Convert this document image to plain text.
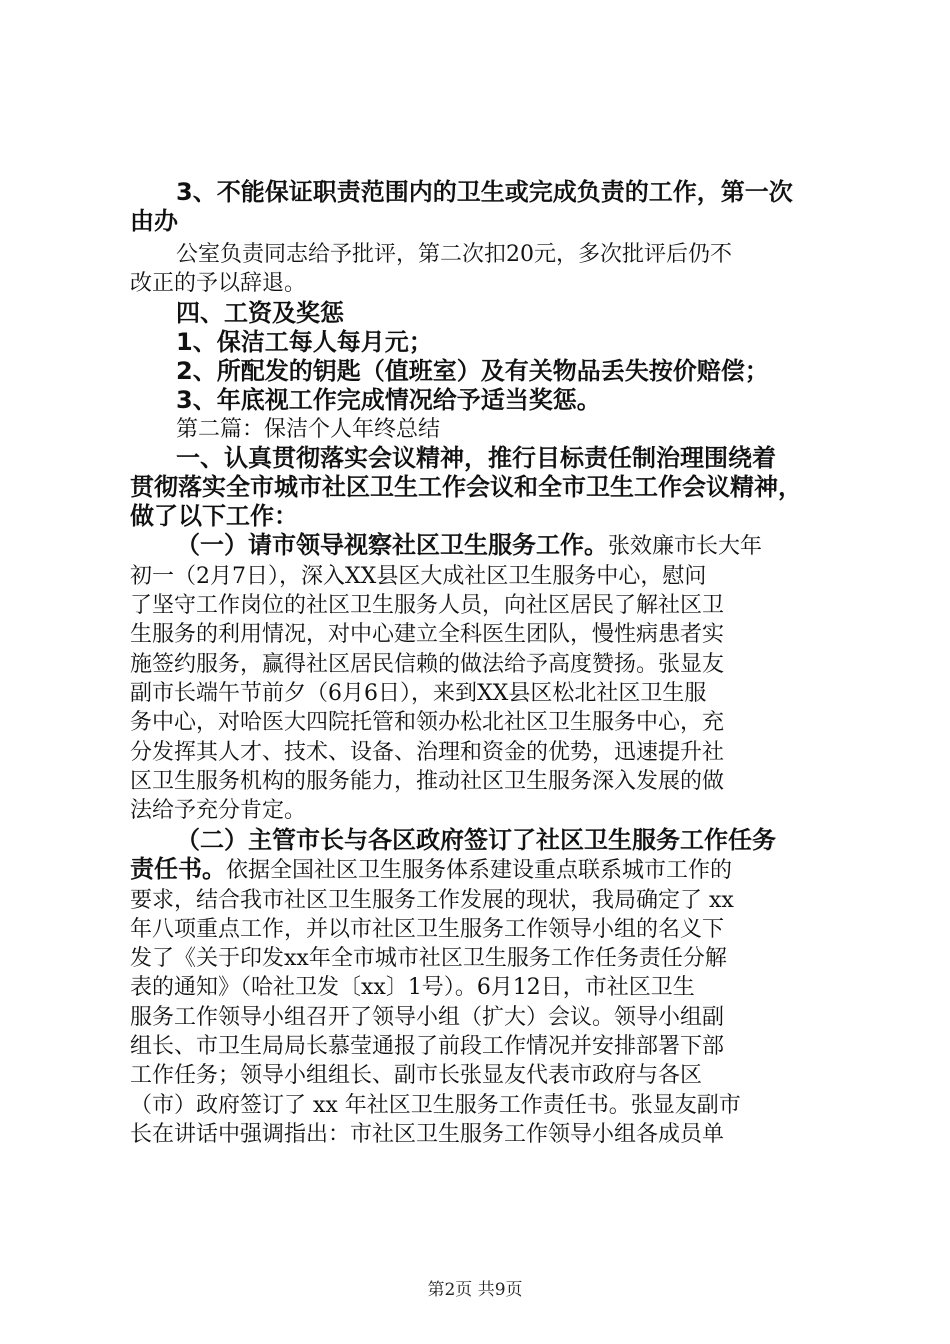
3、不能保证职责范围内的卫生或完成负责的工作，第一次

由办

公室负责同志给予批评，第二次扣20元，多次批评后仍不

改正的予以辞退。

四、工资及奖惩

1、保洁工每人每月元；

2、所配发的钥匙（值班室）及有关物品丢失按价赔偿；

3、年底视工作完成情况给予适当奖惩。

第二篇：保洁个人年终总结

一、认真贯彻落实会议精神，推行目标责任制治理围绕着

贯彻落实全市城市社区卫生工作会议和全市卫生工作会议精神，

做了以下工作：

（一）请市领导视察社区卫生服务工作。张效廉市长大年

初一（2月7日），深入XX县区大成社区卫生服务中心，慰问

了坚守工作岗位的社区卫生服务人员，向社区居民了解社区卫

生服务的利用情况，对中心建立全科医生团队，慢性病患者实

施签约服务，赢得社区居民信赖的做法给予高度赞扬。张显友

副市长端午节前夕（6月6日），来到XX县区松北社区卫生服

务中心，对哈医大四院托管和领办松北社区卫生服务中心，充

分发挥其人才、技术、设备、治理和资金的优势，迅速提升社

区卫生服务机构的服务能力，推动社区卫生服务深入发展的做

法给予充分肯定。

（二）主管市长与各区政府签订了社区卫生服务工作任务

责任书。依据全国社区卫生服务体系建设重点联系城市工作的

要求，结合我市社区卫生服务工作发展的现状，我局确定了 xx

年八项重点工作，并以市社区卫生服务工作领导小组的名义下

发了《关于印发xx年全市城市社区卫生服务工作任务责任分解

表的通知》（哈社卫发〔xx〕1号）。6月12日，市社区卫生

服务工作领导小组召开了领导小组（扩大）会议。领导小组副

组长、市卫生局局长慕莹通报了前段工作情况并安排部署下部

工作任务；领导小组组长、副市长张显友代表市政府与各区

（市）政府签订了 xx 年社区卫生服务工作责任书。张显友副市

长在讲话中强调指出：市社区卫生服务工作领导小组各成员单

第2页 共9页
